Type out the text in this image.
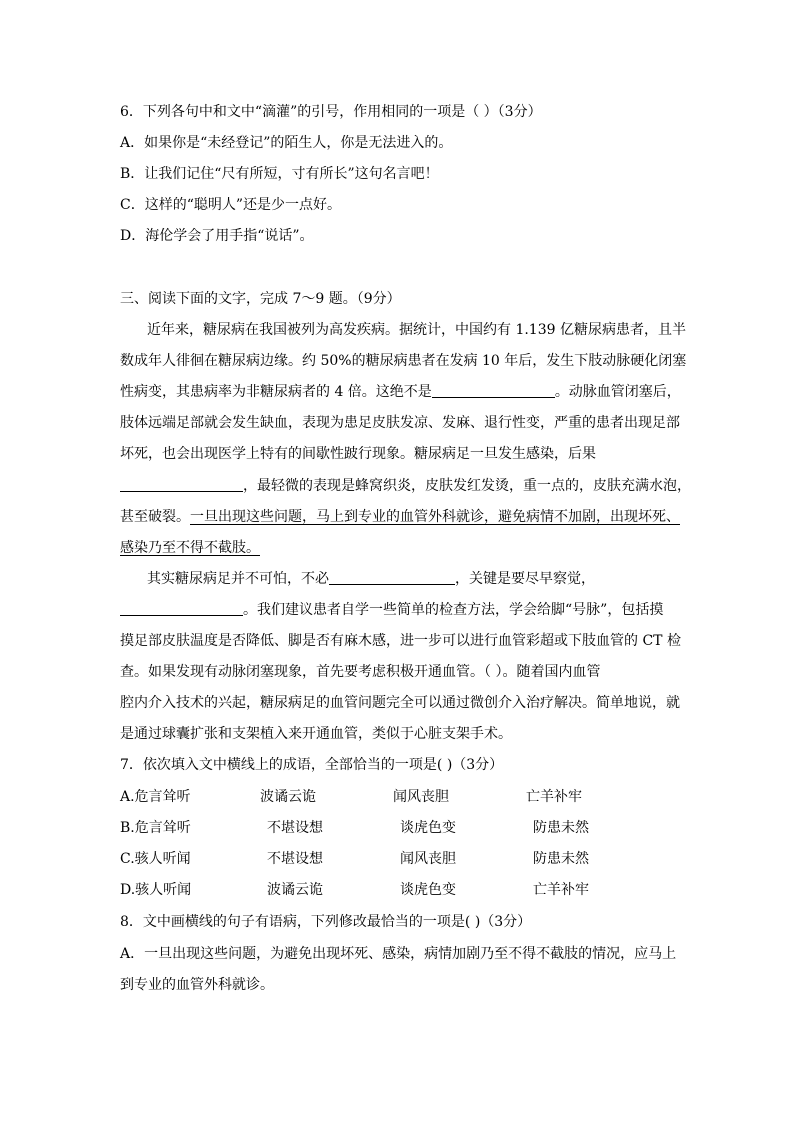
6．下列各句中和文中“滴灌”的引号，作用相同的一项是（ ）（3分）
A．如果你是“未经登记”的陌生人，你是无法进入的。
B．让我们记住“尺有所短，寸有所长”这句名言吧！
C．这样的“聪明人”还是少一点好。
D．海伦学会了用手指“说话”。
三、阅读下面的文字，完成 7～9 题。（9分）
近年来，糖尿病在我国被列为高发疾病。据统计，中国约有 1.139 亿糖尿病患者，且半
数成年人徘徊在糖尿病边缘。约 50%的糖尿病患者在发病 10 年后，发生下肢动脉硬化闭塞
性病变，其患病率为非糖尿病者的 4 倍。这绝不是	。动脉血管闭塞后，
肢体远端足部就会发生缺血，表现为患足皮肤发凉、发麻、退行性变，严重的患者出现足部
坏死，也会出现医学上特有的间歇性跛行现象。糖尿病足一旦发生感染，后果
，最轻微的表现是蜂窝织炎，皮肤发红发烫，重一点的，皮肤充满水泡，
甚至破裂。一旦出现这些问题，马上到专业的血管外科就诊，避免病情不加剧，出现坏死、
感染乃至不得不截肢。
其实糖尿病足并不可怕，不必	，关键是要尽早察觉，
。我们建议患者自学一些简单的检查方法，学会给脚“号脉”，包括摸
摸足部皮肤温度是否降低、脚是否有麻木感，进一步可以进行血管彩超或下肢血管的 CT 检
查。如果发现有动脉闭塞现象，首先要考虑积极开通血管。（ ）。随着国内血管
腔内介入技术的兴起，糖尿病足的血管问题完全可以通过微创介入治疗解决。简单地说，就
是通过球囊扩张和支架植入来开通血管，类似于心脏支架手术。
7．依次填入文中横线上的成语，全部恰当的一项是( )（3分）
A.危言耸听	波谲云诡	闻风丧胆	亡羊补牢
B.危言耸听	不堪设想	谈虎色变	防患未然
C.骇人听闻	不堪设想	闻风丧胆	防患未然
D.骇人听闻	波谲云诡	谈虎色变	亡羊补牢
8．文中画横线的句子有语病，下列修改最恰当的一项是( )（3分）
A．一旦出现这些问题，为避免出现坏死、感染，病情加剧乃至不得不截肢的情况，应马上
到专业的血管外科就诊。
